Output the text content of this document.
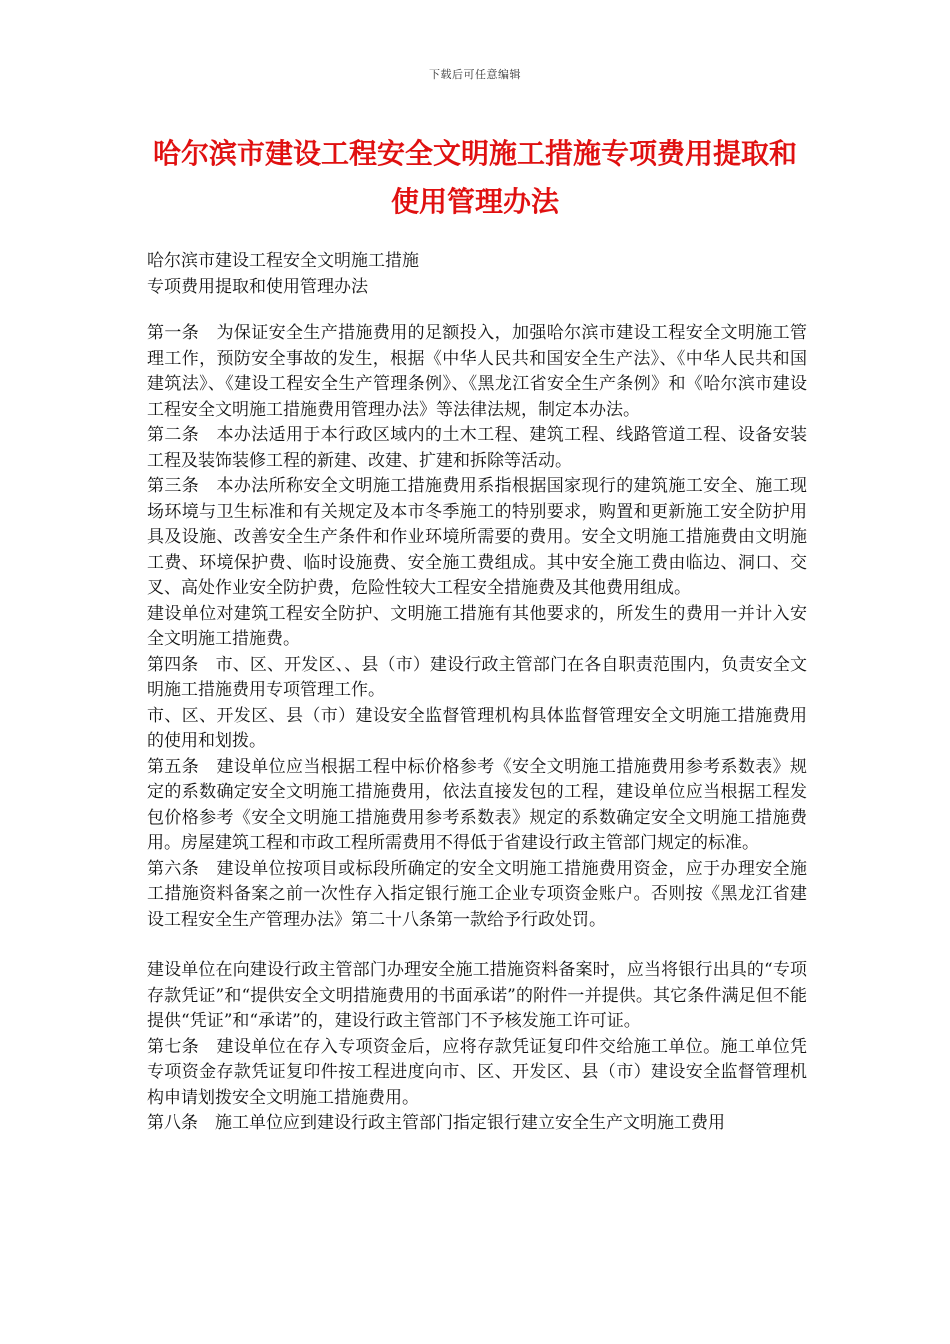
下载后可任意编辑
哈尔滨市建设工程安全文明施工措施专项费用提取和
使用管理办法
哈尔滨市建设工程安全文明施工措施
专项费用提取和使用管理办法

第一条　为保证安全生产措施费用的足额投入，加强哈尔滨市建设工程安全文明施工管理工作，预防安全事故的发生，根据《中华人民共和国安全生产法》、《中华人民共和国建筑法》、《建设工程安全生产管理条例》、《黑龙江省安全生产条例》和《哈尔滨市建设工程安全文明施工措施费用管理办法》等法律法规，制定本办法。

第二条　本办法适用于本行政区域内的土木工程、建筑工程、线路管道工程、设备安装工程及装饰装修工程的新建、改建、扩建和拆除等活动。

第三条　本办法所称安全文明施工措施费用系指根据国家现行的建筑施工安全、施工现场环境与卫生标准和有关规定及本市冬季施工的特别要求，购置和更新施工安全防护用具及设施、改善安全生产条件和作业环境所需要的费用。安全文明施工措施费由文明施工费、环境保护费、临时设施费、安全施工费组成。其中安全施工费由临边、洞口、交叉、高处作业安全防护费，危险性较大工程安全措施费及其他费用组成。

建设单位对建筑工程安全防护、文明施工措施有其他要求的，所发生的费用一并计入安全文明施工措施费。

第四条　市、区、开发区、、县（市）建设行政主管部门在各自职责范围内，负责安全文明施工措施费用专项管理工作。

市、区、开发区、县（市）建设安全监督管理机构具体监督管理安全文明施工措施费用的使用和划拨。

第五条　建设单位应当根据工程中标价格参考《安全文明施工措施费用参考系数表》规定的系数确定安全文明施工措施费用，依法直接发包的工程，建设单位应当根据工程发包价格参考《安全文明施工措施费用参考系数表》规定的系数确定安全文明施工措施费用。房屋建筑工程和市政工程所需费用不得低于省建设行政主管部门规定的标准。

第六条　建设单位按项目或标段所确定的安全文明施工措施费用资金，应于办理安全施工措施资料备案之前一次性存入指定银行施工企业专项资金账户。否则按《黑龙江省建设工程安全生产管理办法》第二十八条第一款给予行政处罚。

建设单位在向建设行政主管部门办理安全施工措施资料备案时，应当将银行出具的“专项存款凭证”和“提供安全文明措施费用的书面承诺”的附件一并提供。其它条件满足但不能提供“凭证”和“承诺”的，建设行政主管部门不予核发施工许可证。

第七条　建设单位在存入专项资金后，应将存款凭证复印件交给施工单位。施工单位凭专项资金存款凭证复印件按工程进度向市、区、开发区、县（市）建设安全监督管理机构申请划拨安全文明施工措施费用。

第八条　施工单位应到建设行政主管部门指定银行建立安全生产文明施工费用
